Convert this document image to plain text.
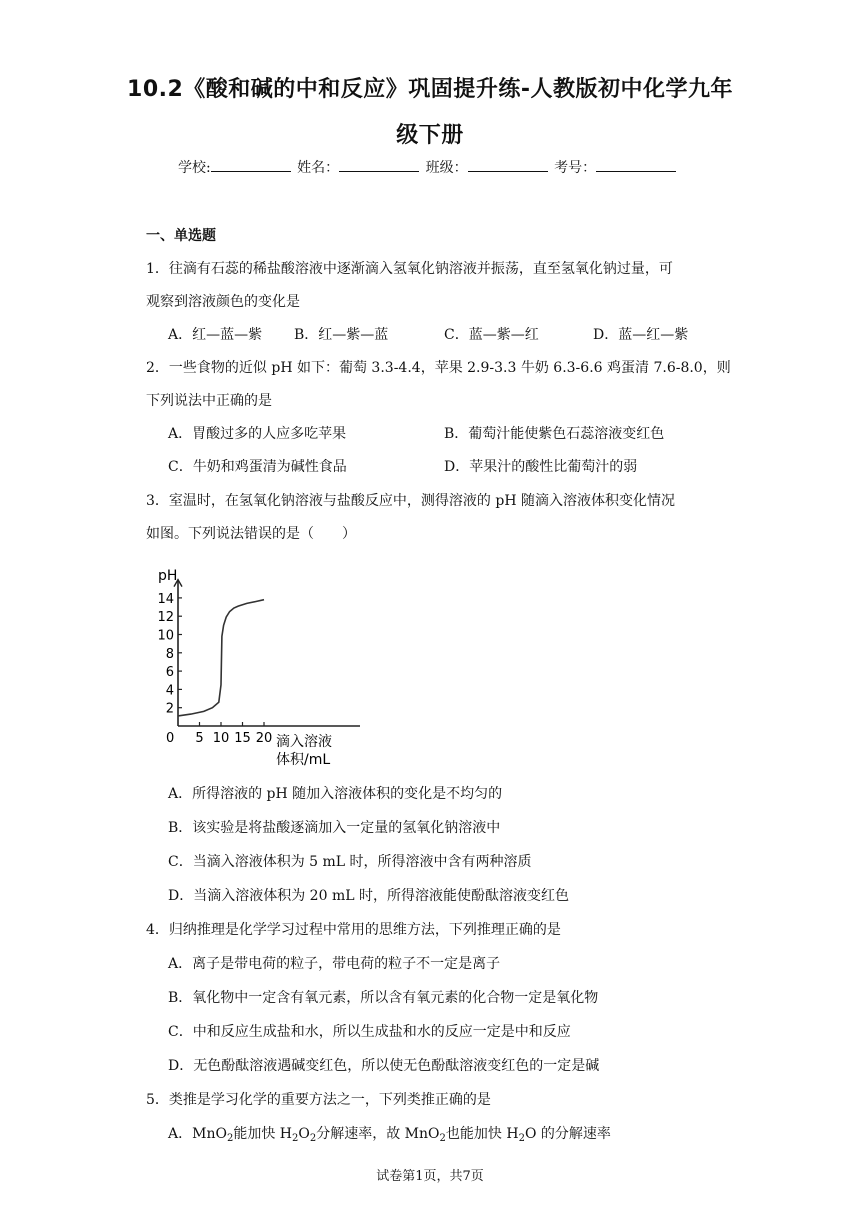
10.2《酸和碱的中和反应》巩固提升练-人教版初中化学九年
级下册
学校:	姓名：	班级：	考号：
一、单选题
1．往滴有石蕊的稀盐酸溶液中逐渐滴入氢氧化钠溶液并振荡，直至氢氧化钠过量，可
观察到溶液颜色的变化是
A．红—蓝—紫 B．红—紫—蓝	C．蓝—紫—红	D．蓝—红—紫
2．一些食物的近似 pH 如下：葡萄 3.3-4.4，苹果 2.9-3.3 牛奶 6.3-6.6 鸡蛋清 7.6-8.0，则
下列说法中正确的是
A．胃酸过多的人应多吃苹果	B．葡萄汁能使紫色石蕊溶液变红色
C．牛奶和鸡蛋清为碱性食品	D．苹果汁的酸性比葡萄汁的弱
3．室温时，在氢氧化钠溶液与盐酸反应中，测得溶液的 pH 随滴入溶液体积变化情况
如图。下列说法错误的是（　　）
2
4
6
8
10
12
14
5 10 15 20
pH
0	滴入溶液
体积/mL
A．所得溶液的 pH 随加入溶液体积的变化是不均匀的
B．该实验是将盐酸逐滴加入一定量的氢氧化钠溶液中
C．当滴入溶液体积为 5 mL 时，所得溶液中含有两种溶质
D．当滴入溶液体积为 20 mL 时，所得溶液能使酚酞溶液变红色
4．归纳推理是化学学习过程中常用的思维方法，下列推理正确的是
A．离子是带电荷的粒子，带电荷的粒子不一定是离子
B．氧化物中一定含有氧元素，所以含有氧元素的化合物一定是氧化物
C．中和反应生成盐和水，所以生成盐和水的反应一定是中和反应
D．无色酚酞溶液遇碱变红色，所以使无色酚酞溶液变红色的一定是碱
5．类推是学习化学的重要方法之一，下列类推正确的是
A．MnO$_2$能加快 $H_2O_2$分解速率，故 MnO$_2$也能加快 $H_2O$ 的分解速率
试卷第1页，共7页
